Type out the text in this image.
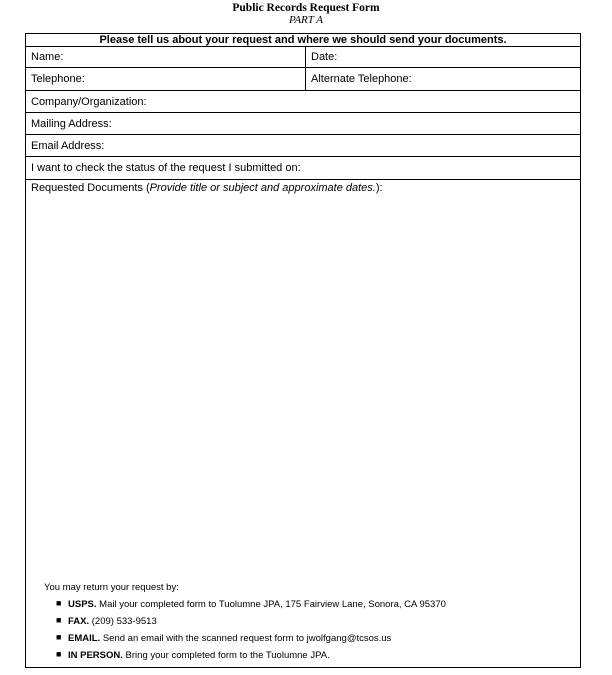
Public Records Request Form
PART A
Please tell us about your request and where we should send your documents.
Name:	Date:
Telephone:	Alternate Telephone:
Company/Organization:
Mailing Address:
Email Address:
I want to check the status of the request I submitted on:
Requested Documents (Provide title or subject and approximate dates.):
You may return your request by:
■ USPS. Mail your completed form to Tuolumne JPA, 175 Fairview Lane, Sonora, CA 95370
■ FAX. (209) 533-9513
■ EMAIL. Send an email with the scanned request form to jwolfgang@tcsos.us
■ IN PERSON. Bring your completed form to the Tuolumne JPA.
